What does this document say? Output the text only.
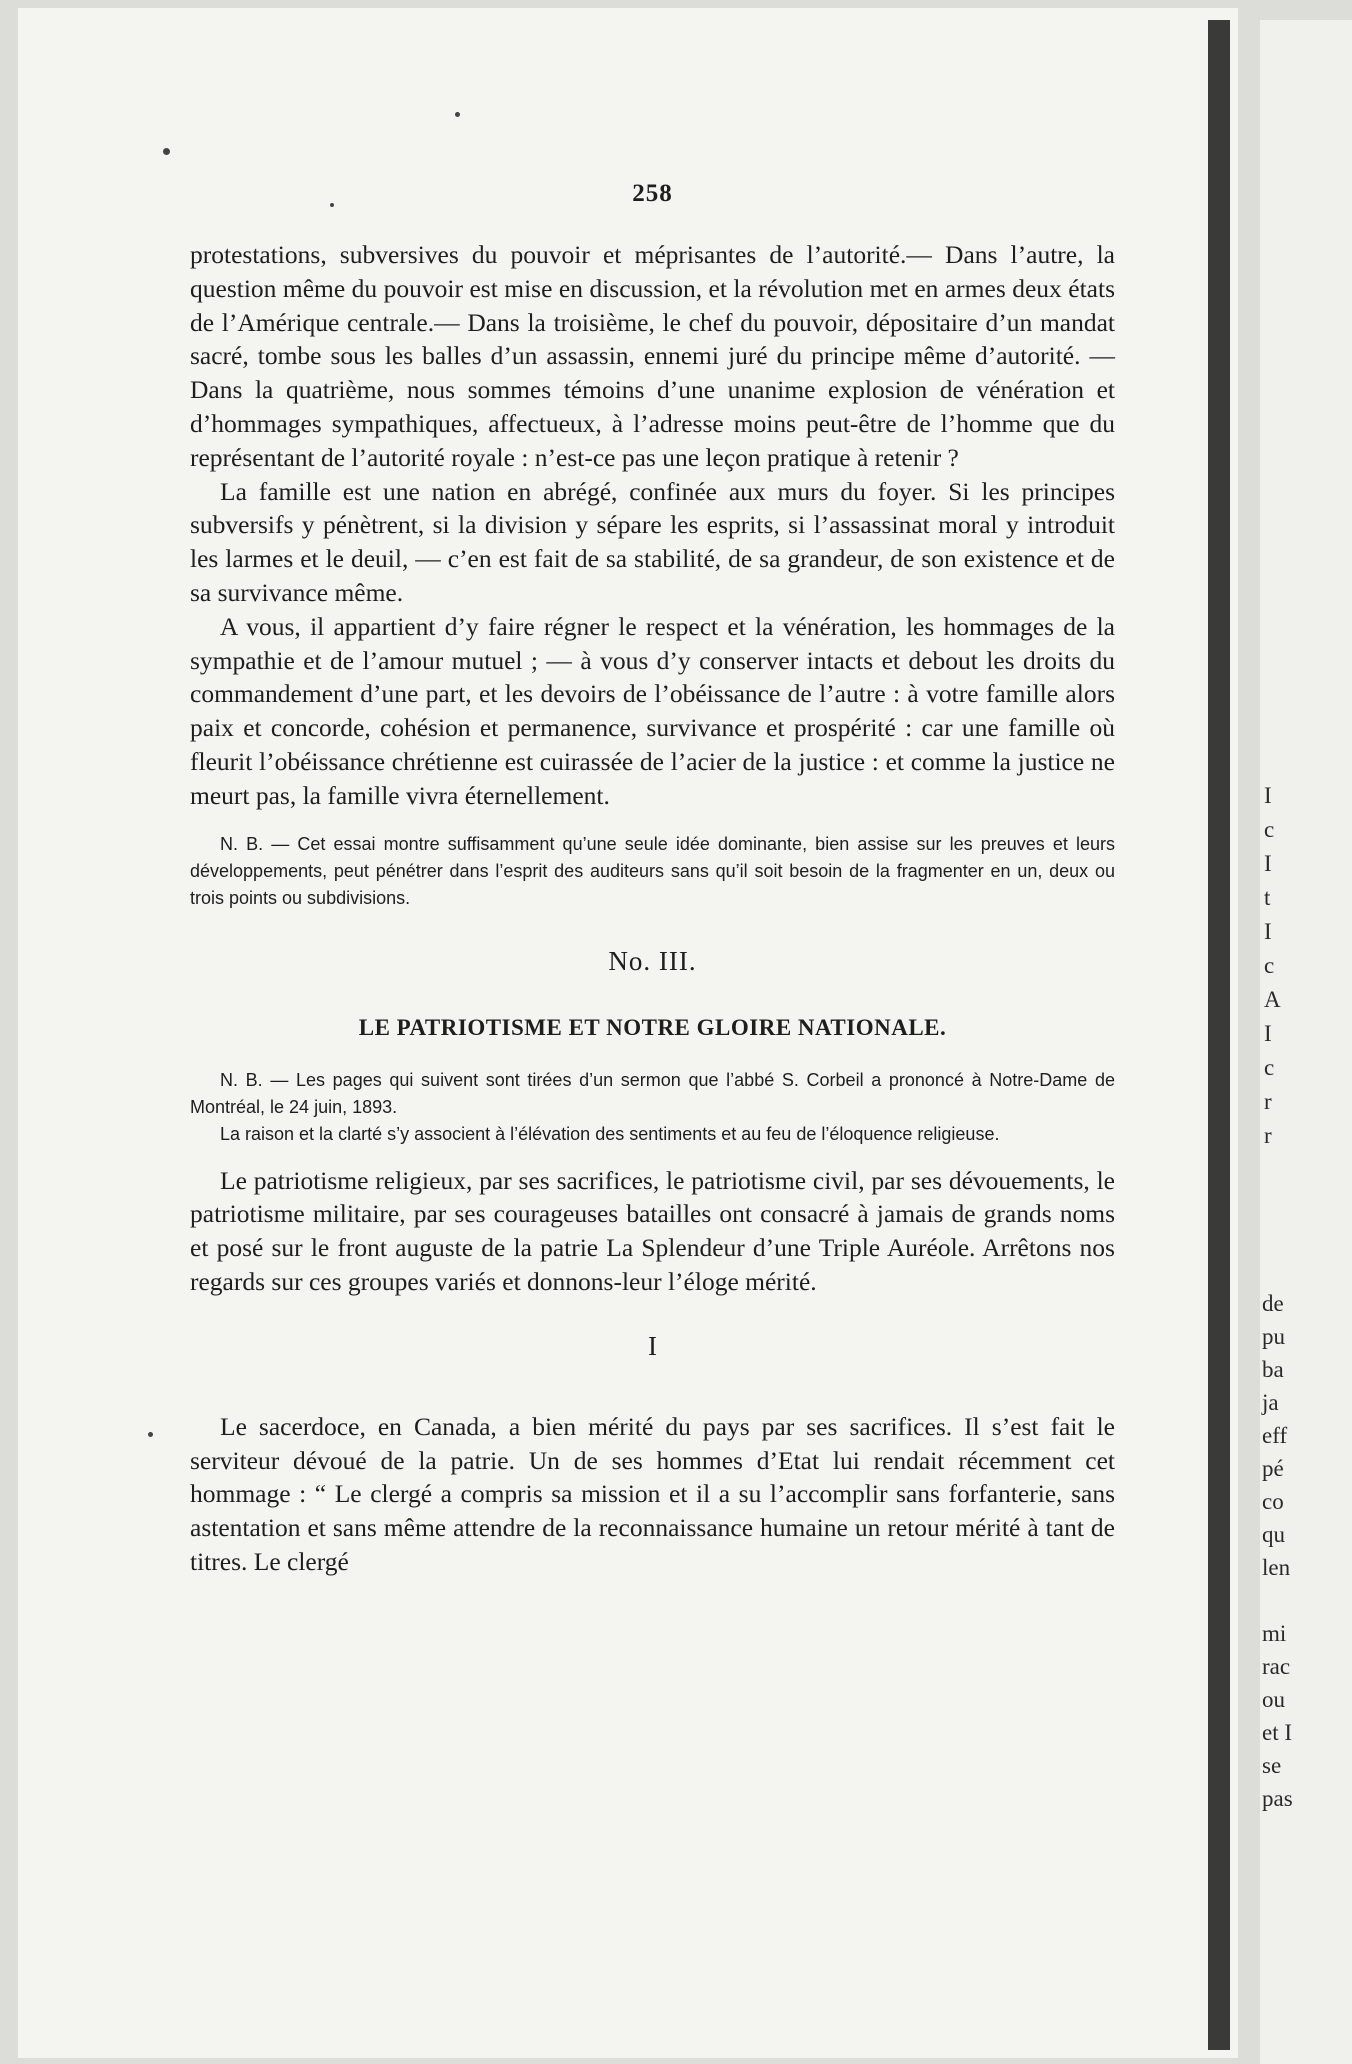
I
c
I
t
I
c
A
I
c
r
r
de
pu
ba
ja
eff
pé
co
qu
len
mi
rac
ou
et I
se
pas
258

protestations, subversives du pouvoir et méprisantes de l’autorité.— Dans l’autre, la question même du pouvoir est mise en discussion, et la révolution met en armes deux états de l’Amérique centrale.— Dans la troisième, le chef du pouvoir, dépositaire d’un mandat sacré, tombe sous les balles d’un assassin, ennemi juré du principe même d’autorité. — Dans la quatrième, nous sommes témoins d’une unanime explosion de vénération et d’hommages sympathiques, affectueux, à l’adresse moins peut-être de l’homme que du représentant de l’autorité royale : n’est-ce pas une leçon pratique à retenir ?

La famille est une nation en abrégé, confinée aux murs du foyer. Si les principes subversifs y pénètrent, si la division y sépare les esprits, si l’assassinat moral y introduit les larmes et le deuil, — c’en est fait de sa stabilité, de sa grandeur, de son existence et de sa survivance même.

A vous, il appartient d’y faire régner le respect et la vénération, les hommages de la sympathie et de l’amour mutuel ; — à vous d’y conserver intacts et debout les droits du commandement d’une part, et les devoirs de l’obéissance de l’autre : à votre famille alors paix et concorde, cohésion et permanence, survivance et prospérité : car une famille où fleurit l’obéissance chrétienne est cuirassée de l’acier de la justice : et comme la justice ne meurt pas, la famille vivra éternellement.

N. B. — Cet essai montre suffisamment qu’une seule idée dominante, bien assise sur les preuves et leurs développements, peut pénétrer dans l’esprit des auditeurs sans qu’il soit besoin de la fragmenter en un, deux ou trois points ou subdivisions.

No. III.
LE PATRIOTISME ET NOTRE GLOIRE NATIONALE.

N. B. — Les pages qui suivent sont tirées d’un sermon que l’abbé S. Corbeil a prononcé à Notre-Dame de Montréal, le 24 juin, 1893.

La raison et la clarté s’y associent à l’élévation des sentiments et au feu de l’éloquence religieuse.

Le patriotisme religieux, par ses sacrifices, le patriotisme civil, par ses dévouements, le patriotisme militaire, par ses courageuses batailles ont consacré à jamais de grands noms et posé sur le front auguste de la patrie La Splendeur d’une Triple Auréole. Arrêtons nos regards sur ces groupes variés et donnons-leur l’éloge mérité.

I

Le sacerdoce, en Canada, a bien mérité du pays par ses sacrifices. Il s’est fait le serviteur dévoué de la patrie. Un de ses hommes d’Etat lui rendait récemment cet hommage : “ Le clergé a compris sa mission et il a su l’accomplir sans forfanterie, sans astentation et sans même attendre de la reconnaissance humaine un retour mérité à tant de titres. Le clergé
